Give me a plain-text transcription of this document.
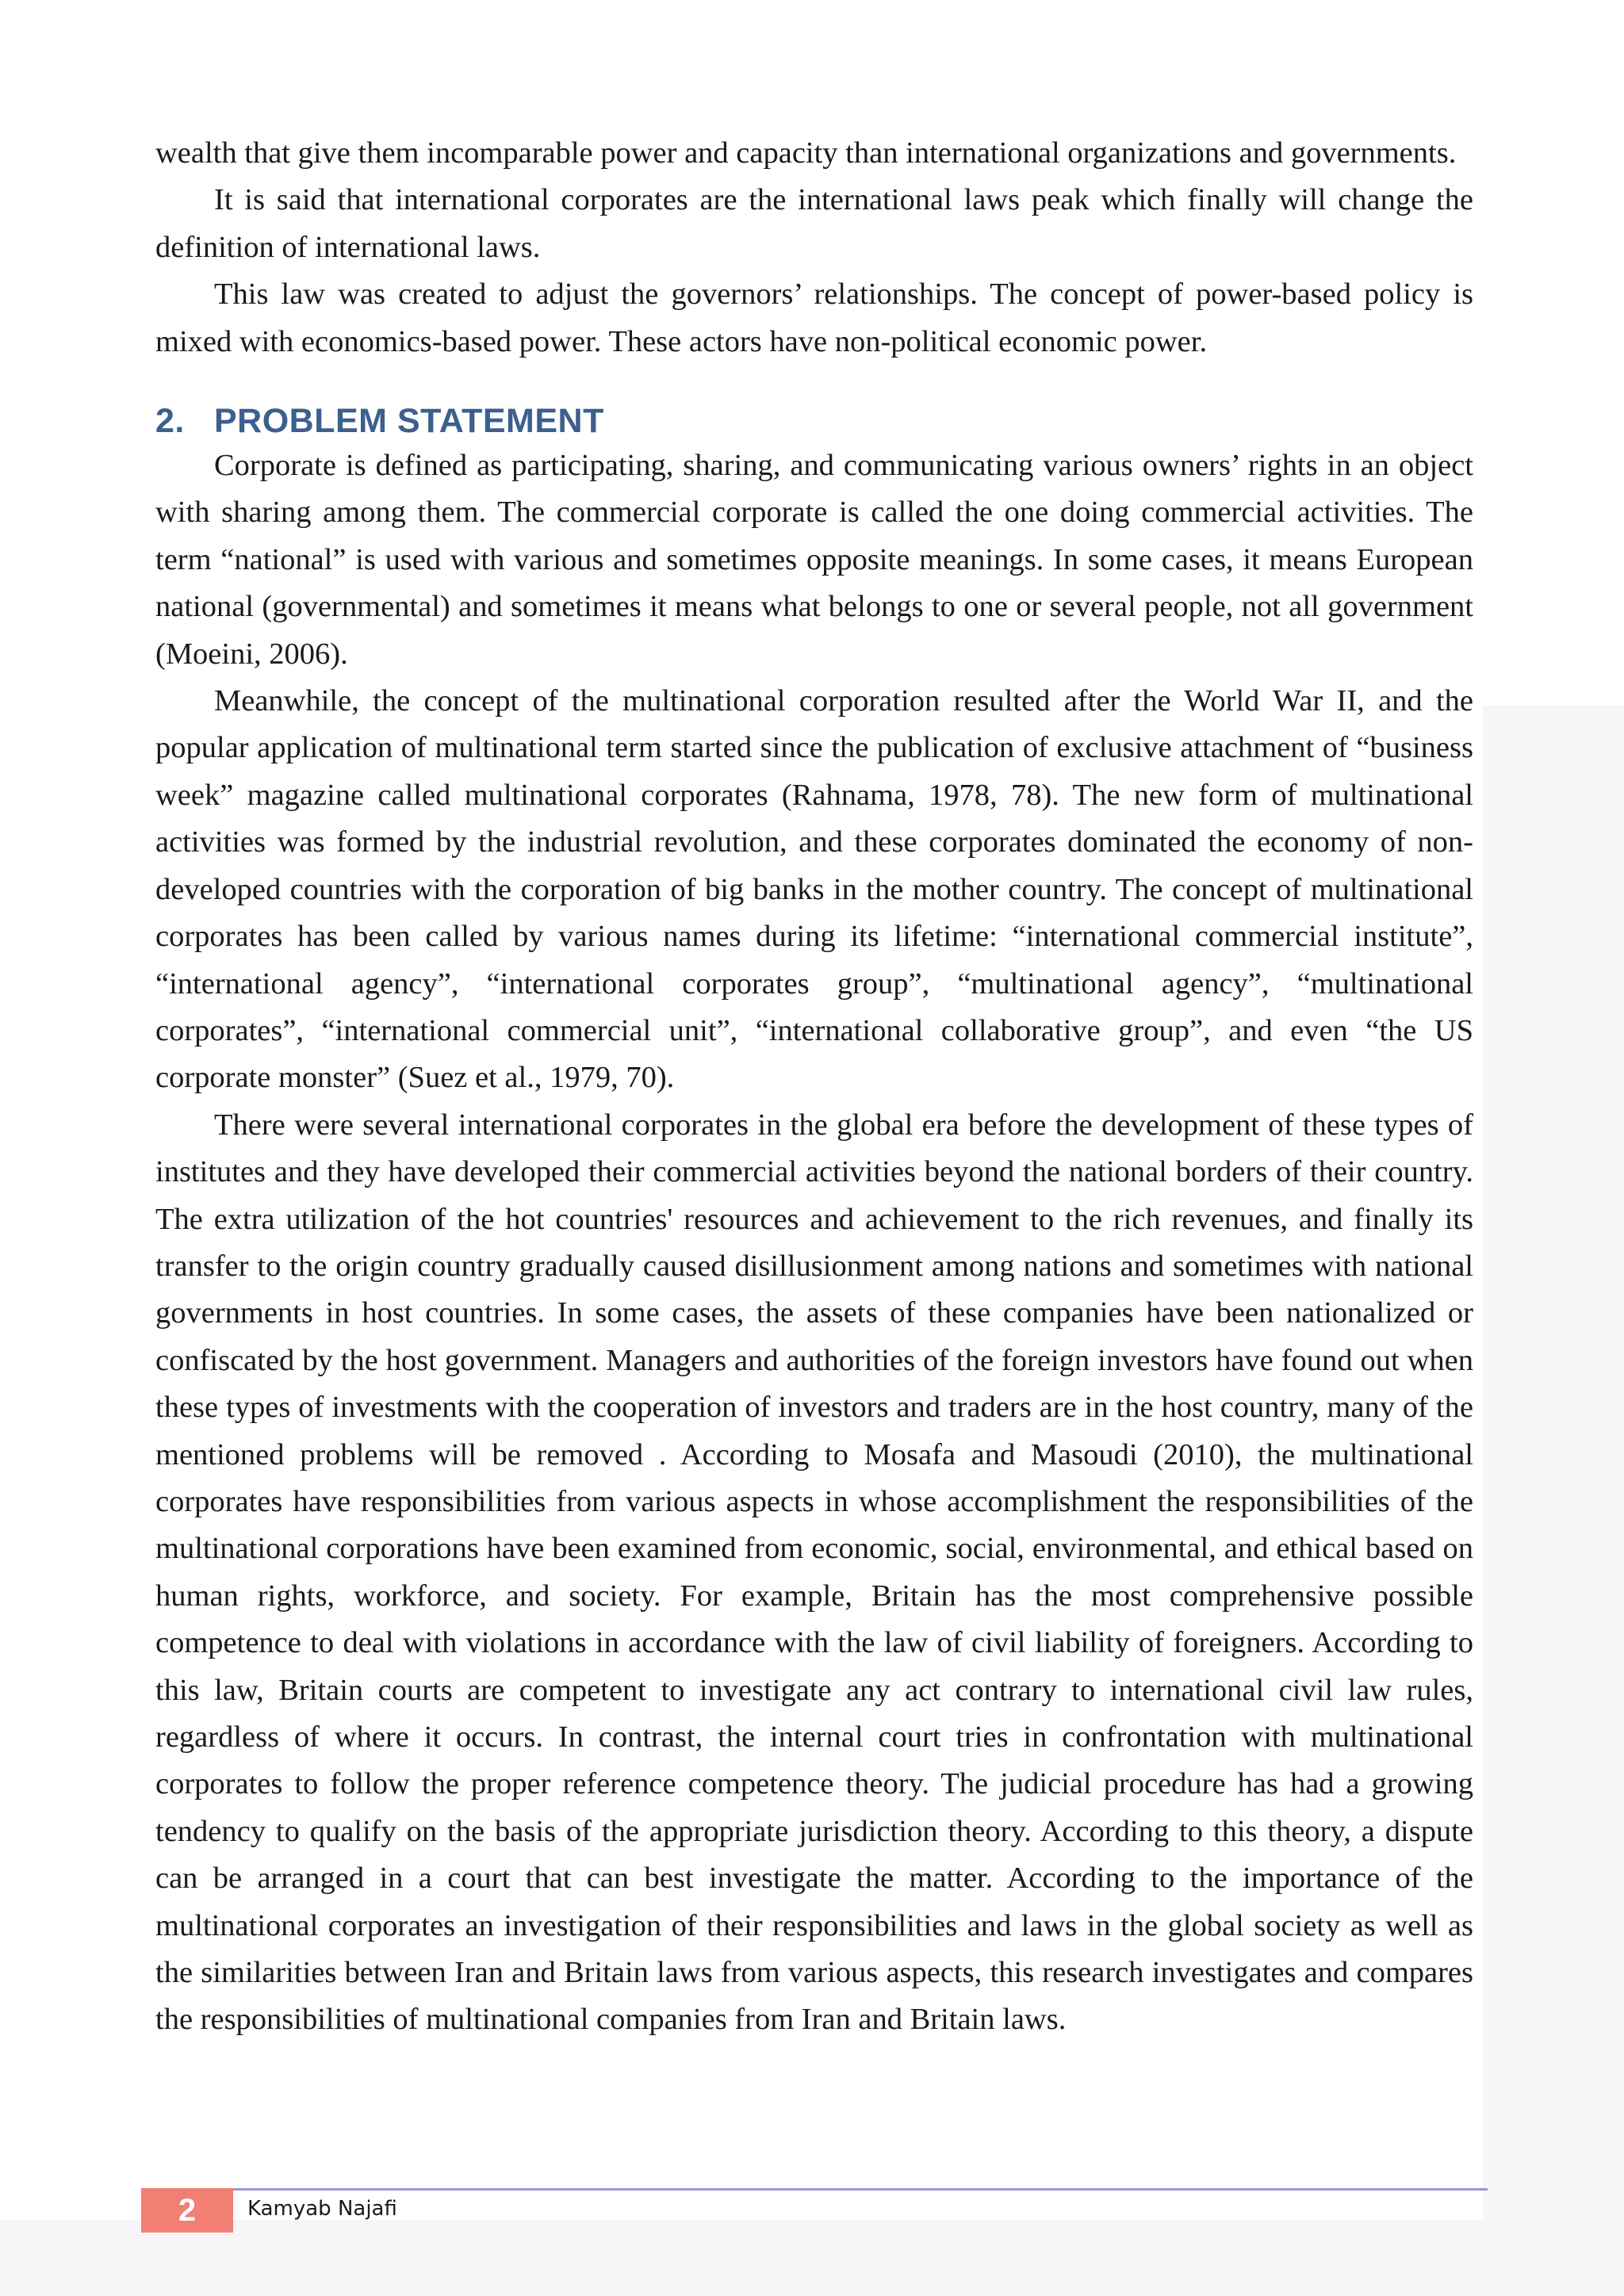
wealth that give them incomparable power and capacity than international organizations and governments.

It is said that international corporates are the international laws peak which finally will change the definition of international laws.

This law was created to adjust the governors’ relationships. The concept of power-based policy is mixed with economics-based power. These actors have non-political economic power.

2. PROBLEM STATEMENT

Corporate is defined as participating, sharing, and communicating various owners’ rights in an object with sharing among them. The commercial corporate is called the one doing commercial activities. The term “national” is used with various and sometimes opposite meanings. In some cases, it means European national (governmental) and sometimes it means what belongs to one or several people, not all government (Moeini, 2006).

Meanwhile, the concept of the multinational corporation resulted after the World War II, and the popular application of multinational term started since the publication of exclusive attachment of “business week” magazine called multinational corporates (Rahnama, 1978, 78). The new form of multinational activities was formed by the industrial revolution, and these corporates dominated the economy of non-developed countries with the corporation of big banks in the mother country. The concept of multinational corporates has been called by various names during its lifetime: “international commercial institute”, “international agency”, “international corporates group”, “multinational agency”, “multinational corporates”, “international commercial unit”, “international collaborative group”, and even “the US corporate monster” (Suez et al., 1979, 70).

There were several international corporates in the global era before the development of these types of institutes and they have developed their commercial activities beyond the national borders of their country. The extra utilization of the hot countries' resources and achievement to the rich revenues, and finally its transfer to the origin country gradually caused disillusionment among nations and sometimes with national governments in host countries. In some cases, the assets of these companies have been nationalized or confiscated by the host government. Managers and authorities of the foreign investors have found out when these types of investments with the cooperation of investors and traders are in the host country, many of the mentioned problems will be removed . According to Mosafa and Masoudi (2010), the multinational corporates have responsibilities from various aspects in whose accomplishment the responsibilities of the multinational corporations have been examined from economic, social, environmental, and ethical based on human rights, workforce, and society. For example, Britain has the most comprehensive possible competence to deal with violations in accordance with the law of civil liability of foreigners. According to this law, Britain courts are competent to investigate any act contrary to international civil law rules, regardless of where it occurs. In contrast, the internal court tries in confrontation with multinational corporates to follow the proper reference competence theory. The judicial procedure has had a growing tendency to qualify on the basis of the appropriate jurisdiction theory. According to this theory, a dispute can be arranged in a court that can best investigate the matter. According to the importance of the multinational corporates an investigation of their responsibilities and laws in the global society as well as the similarities between Iran and Britain laws from various aspects, this research investigates and compares the responsibilities of multinational companies from Iran and Britain laws.

2	Kamyab Najafi
